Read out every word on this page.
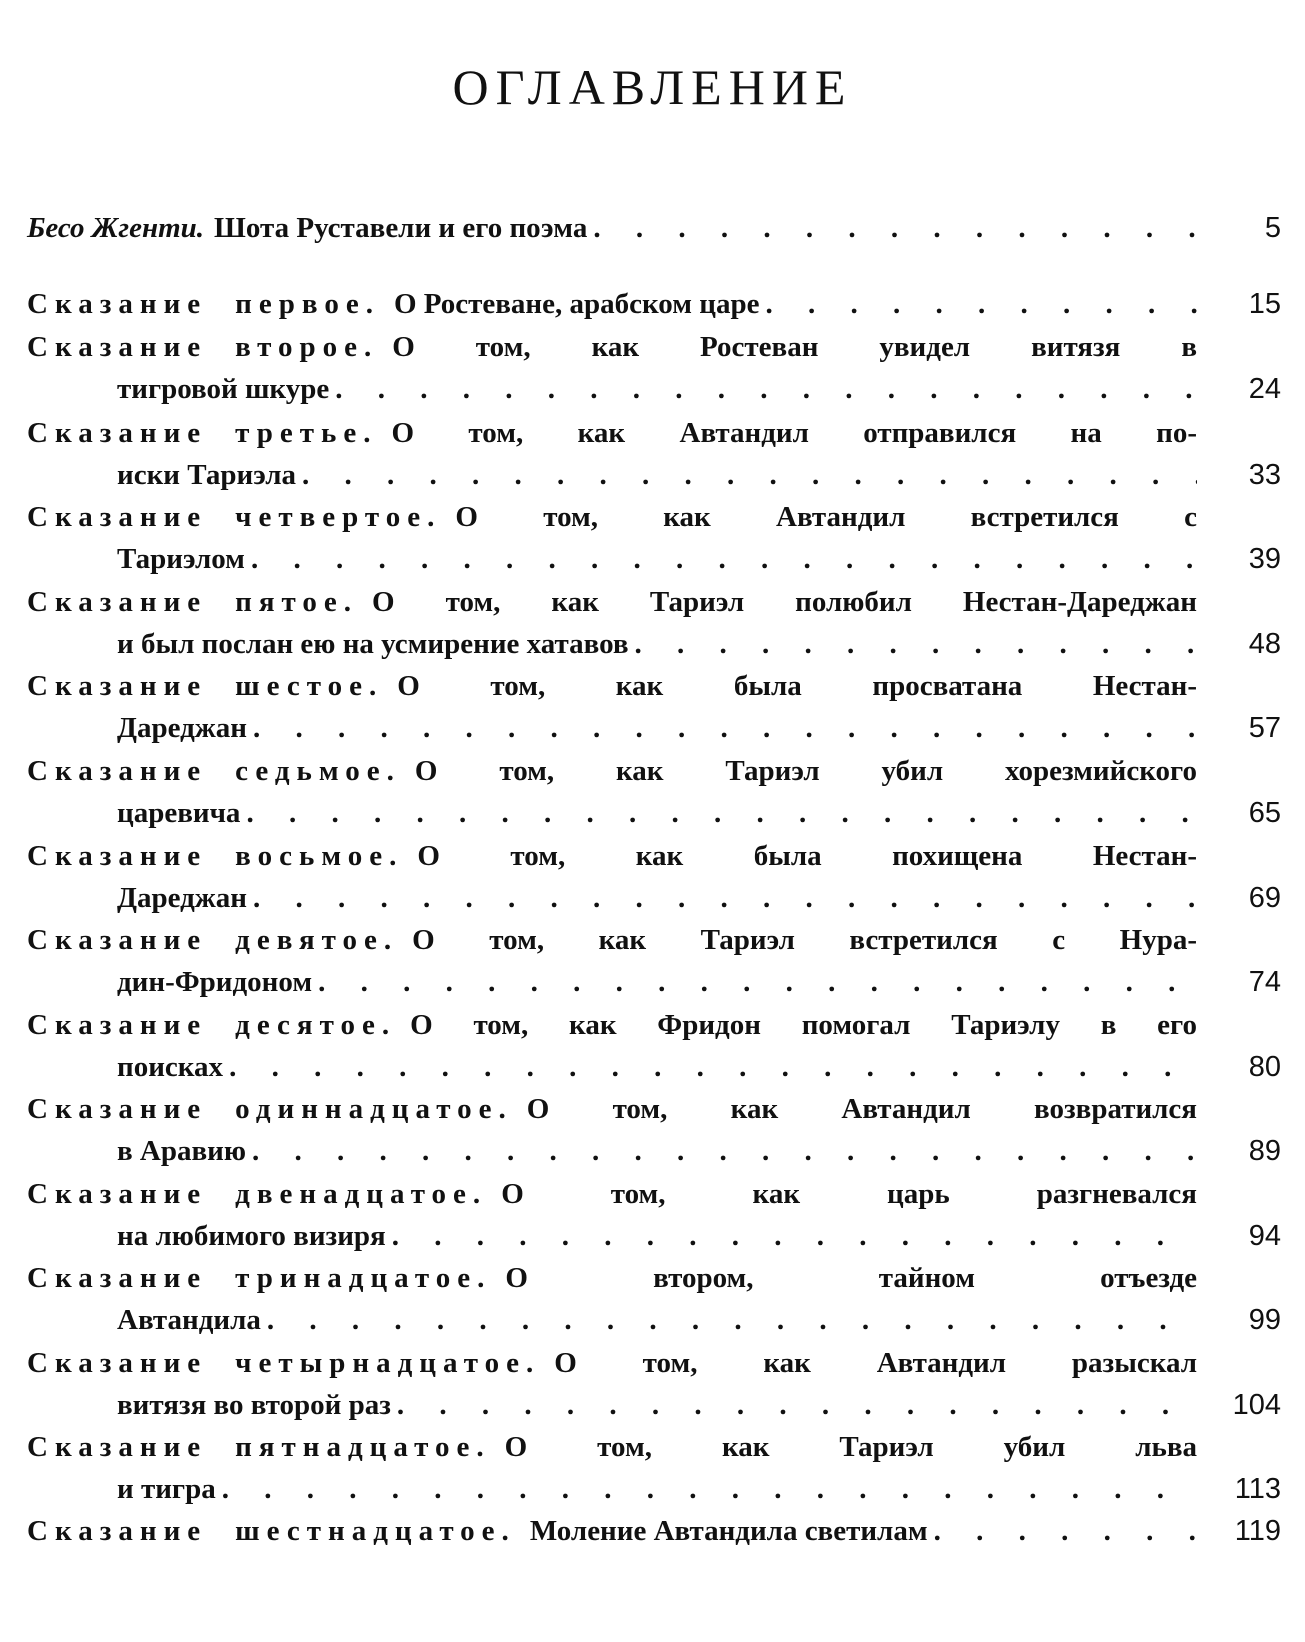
ОГЛАВЛЕНИЕ
Бесо Жгенти. Шота Руставели и его поэма . . .	5
Сказание первое. О Ростеване, арабском царе . . .	15
Сказание второе. О том, как Ростеван увидел витязя в
тигровой шкуре . . .	24
Сказание третье. О том, как Автандил отправился на по-
иски Тариэла . . .	33
Сказание четвертое. О том, как Автандил встретился с
Тариэлом . . .	39
Сказание пятое. О том, как Тариэл полюбил Нестан-Дареджан
и был послан ею на усмирение хатавов . . .	48
Сказание шестое. О том, как была просватана Нестан-
Дареджан . . .	57
Сказание седьмое. О том, как Тариэл убил хорезмийского
царевича . . .	65
Сказание восьмое. О том, как была похищена Нестан-
Дареджан . . .	69
Сказание девятое. О том, как Тариэл встретился с Нура-
дин-Фридоном . . .	74
Сказание десятое. О том, как Фридон помогал Тариэлу в его
поисках . . .	80
Сказание одиннадцатое. О том, как Автандил возвратился
в Аравию . . .	89
Сказание двенадцатое. О том, как царь разгневался
на любимого визиря . . .	94
Сказание тринадцатое. О втором, тайном отъезде
Автандила . . .	99
Сказание четырнадцатое. О том, как Автандил разыскал
витязя во второй раз . . .	104
Сказание пятнадцатое. О том, как Тариэл убил льва
и тигра . . .	113
Сказание шестнадцатое. Моление Автандила светилам . . .	119
